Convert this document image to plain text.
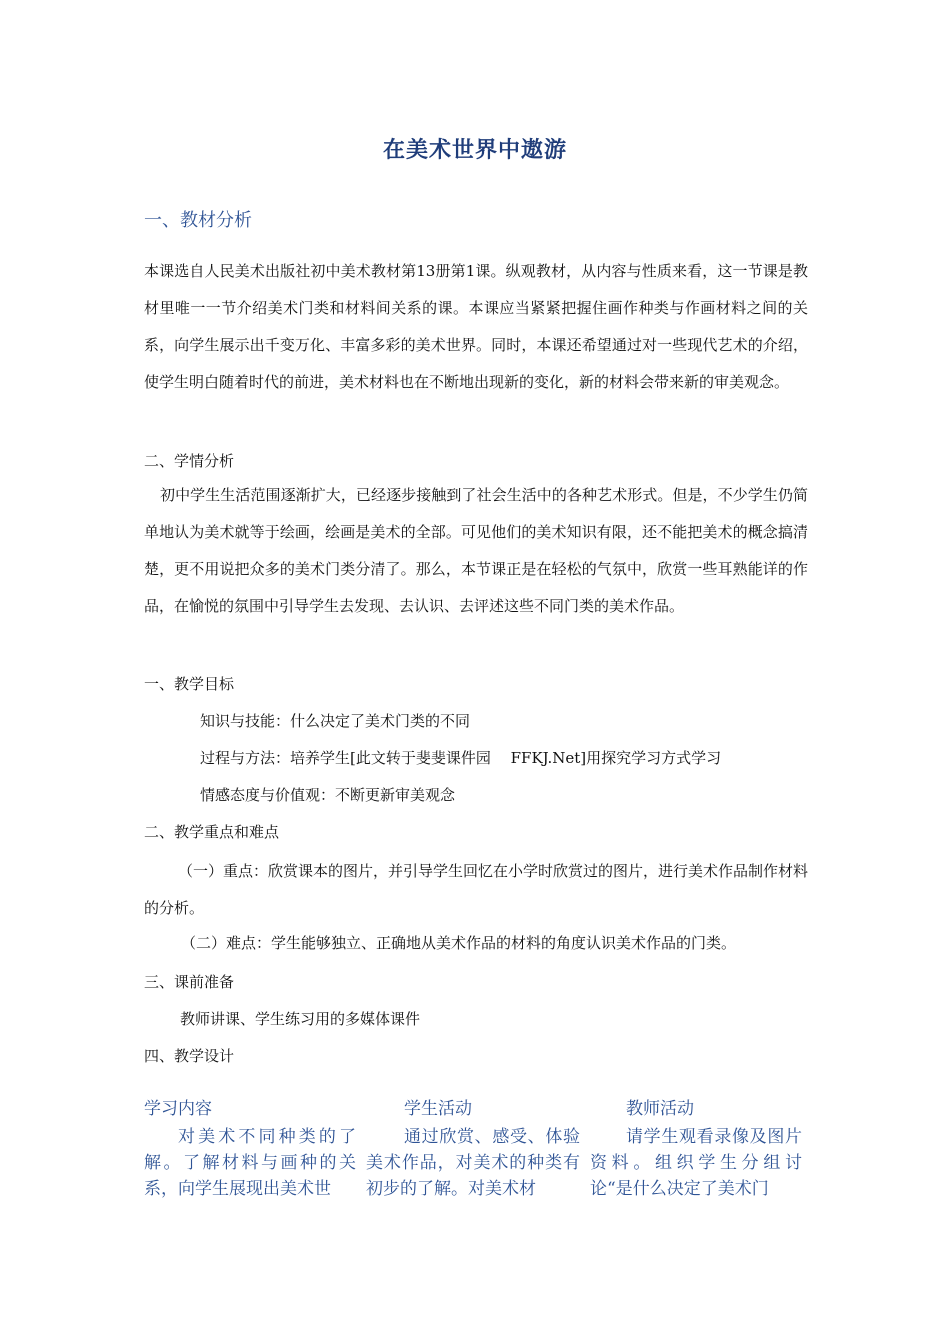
在美术世界中遨游
一、教材分析
本课选自人民美术出版社初中美术教材第13册第1课。纵观教材，从内容与性质来看，这一节课是教材里唯一一节介绍美术门类和材料间关系的课。本课应当紧紧把握住画作种类与作画材料之间的关系，向学生展示出千变万化、丰富多彩的美术世界。同时，本课还希望通过对一些现代艺术的介绍，使学生明白随着时代的前进，美术材料也在不断地出现新的变化，新的材料会带来新的审美观念。
二、学情分析
初中学生生活范围逐渐扩大，已经逐步接触到了社会生活中的各种艺术形式。但是，不少学生仍简单地认为美术就等于绘画，绘画是美术的全部。可见他们的美术知识有限，还不能把美术的概念搞清楚，更不用说把众多的美术门类分清了。那么，本节课正是在轻松的气氛中，欣赏一些耳熟能详的作品，在愉悦的氛围中引导学生去发现、去认识、去评述这些不同门类的美术作品。
一、教学目标
知识与技能：什么决定了美术门类的不同
过程与方法：培养学生[此文转于斐斐课件园 　FFKJ.Net]用探究学习方式学习
情感态度与价值观：不断更新审美观念
二、教学重点和难点
（一）重点：欣赏课本的图片，并引导学生回忆在小学时欣赏过的图片，进行美术作品制作材料的分析。
（二）难点：学生能够独立、正确地从美术作品的材料的角度认识美术作品的门类。
三、课前准备
教师讲课、学生练习用的多媒体课件
四、教学设计
学习内容
对美术不同种类的了解。了解材料与画种的关系，向学生展现出美术世
学生活动
通过欣赏、感受、体验美术作品，对美术的种类有初步的了解。对美术材
教师活动
请学生观看录像及图片资料。组织学生分组讨论“是什么决定了美术门
